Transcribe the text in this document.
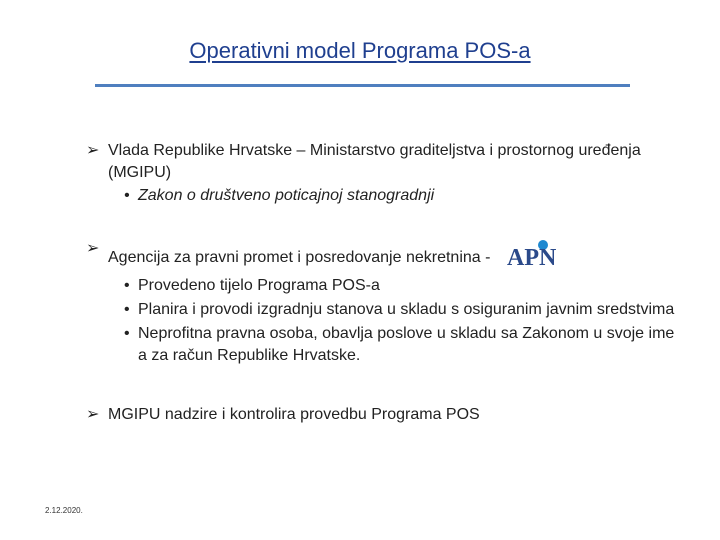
Operativni model Programa POS-a
➢ Vlada Republike Hrvatske – Ministarstvo graditeljstva i prostornog uređenja (MGIPU)
• Zakon o društveno poticajnoj stanogradnji
➢
Agencija za pravni promet i posredovanje nekretnina - APN
• Provedeno tijelo Programa POS-a
• Planira i provodi izgradnju stanova u skladu s osiguranim javnim sredstvima
• Neprofitna pravna osoba, obavlja poslove u skladu sa Zakonom u svoje ime a za račun Republike Hrvatske.
➢ MGIPU nadzire i kontrolira provedbu Programa POS
2.12.2020.
